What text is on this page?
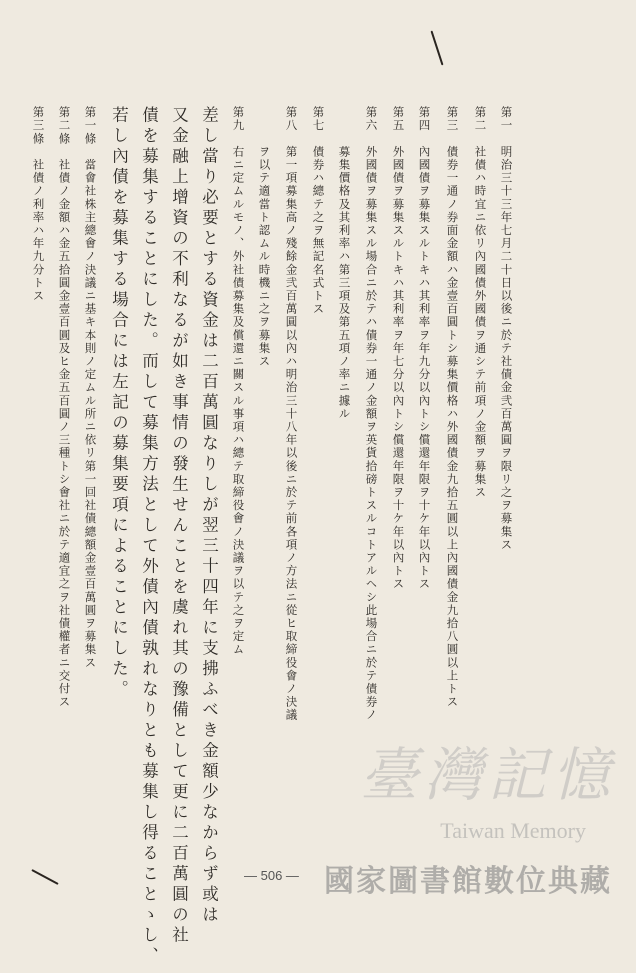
第一　明治三十三年七月二十日以後ニ於テ社債金弐百萬圓ヲ限リ之ヲ募集ス
第二　社債ハ時宜ニ依リ內國債外國債ヲ通シテ前項ノ金額ヲ募集ス
第三　債券一通ノ券面金額ハ金壹百圓トシ募集價格ハ外國債金九拾五圓以上內國債金九拾八圓以上トス
第四　內國債ヲ募集スルトキハ其利率ヲ年九分以內トシ償還年限ヲ十ケ年以內トス
第五　外國債ヲ募集スルトキハ其利率ヲ年七分以內トシ償還年限ヲ十ケ年以內トス
第六　外國債ヲ募集スル場合ニ於テハ債券一通ノ金額ヲ英貨拾磅トスルコトアルヘシ此場合ニ於テ債券ノ
　　　募集價格及其利率ハ第三項及第五項ノ率ニ據ル
第七　債券ハ總テ之ヲ無記名式トス
第八　第一項募集高ノ殘餘金弐百萬圓以內ハ明治三十八年以後ニ於テ前各項ノ方法ニ從ヒ取締役會ノ決議
　　　ヲ以テ適當ト認ムル時機ニ之ヲ募集ス
第九　右ニ定ムルモノ、外社債募集及償還ニ關スル事項ハ總テ取締役會ノ決議ヲ以テ之ヲ定ム
差し當り必要とする資金は二百萬圓なりしが翌三十四年に支拂ふべき金額少なからず或は
又金融上增資の不利なるが如き事情の發生せんことを虞れ其の豫備として更に二百萬圓の社
債を募集することにした。而して募集方法として外債內債孰れなりとも募集し得ることゝし、
若し內債を募集する場合には左記の募集要項によることにした。
第一條　當會社株主總會ノ決議ニ基キ本則ノ定ムル所ニ依リ第一回社債總額金壹百萬圓ヲ募集ス
第二條　社債ノ金額ハ金五拾圓金壹百圓及ヒ金五百圓ノ三種トシ會社ニ於テ適宜之ヲ社債權者ニ交付ス
第三條　社債ノ利率ハ年九分トス
— 506 —
臺灣記憶
Taiwan Memory
國家圖書館數位典藏
